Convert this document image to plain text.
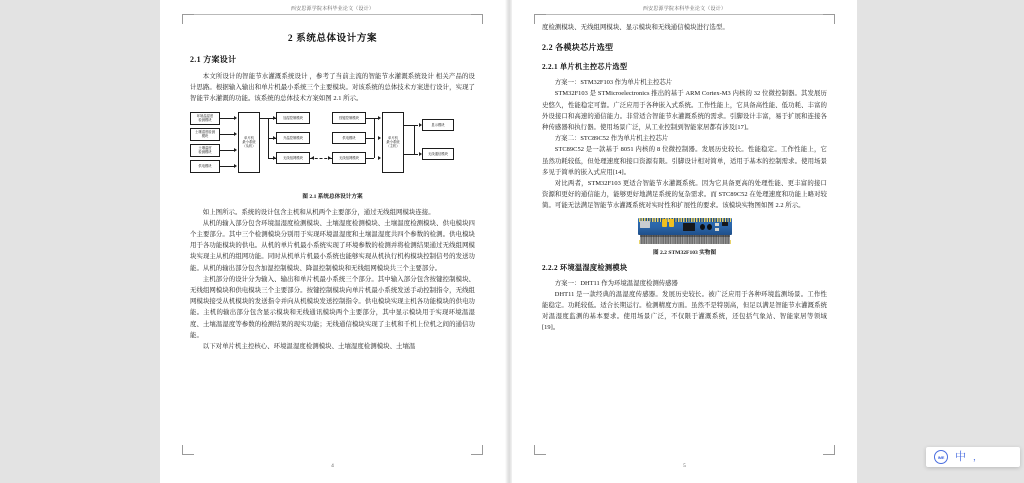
西安思源学院本科毕业论文（设计）
2 系统总体设计方案
2.1 方案设计

本文所设计的智能节水灌溉系统设计 ，参考了当前主流的智能节水灌溉系统设计 相关产品的设计思路。根据输入输出和单片机最小系统三个主要模块。对该系统的总体技术方案进行设计，实现了智能节水灌溉的功能。该系统的总体技术方案如图 2.1 所示。

环境温湿度
检测模块
土壤湿度检测
模块
土壤温度
检测模块
供电模块
单片机
最小系统
（从机）
加湿控制模块
升温控制模块
无线组网模块
按键控制模块
供电模块
无线组网模块
单片机
最小系统
（主机）
显示模块
无线通信模块
图 2.1 系统总体设计方案

如上图所示。系统的设计包含主机和从机两个主要部分，通过无线组网模块连接。

从机的输入部分包含环境温湿度检测模块、土壤湿度检测模块、土壤温度检测模块、供电模块四个主要部分。其中三个检测模块分别用于实现环境温湿度和土壤温湿度共四个参数的检测。供电模块用于各功能模块的供电。从机的单片机最小系统实现了环境参数的检测并将检测结果通过无线组网模块实现主从机的组网功能。同时从机单片机最小系统也能够实现从机执行机构模块控制信号的发送功能。从机的输出部分包含加湿控制模块、降温控制模块和无线组网模块共三个主要部分。

主机部分的设计分为输入、输出和单片机最小系统三个部分。其中输入部分包含按键控制模块、无线组网模块和供电模块三个主要部分。按键控制模块向单片机最小系统发送手动控制指令，无线组网模块接受从机模块的发送指令并向从机模块发送控制指令。供电模块实现主机各功能模块的供电功能。主机的输出部分包含显示模块和无线通讯模块两个主要部分，其中显示模块用于实现环境温湿度、土壤温湿度等参数的检测结果的现实功能；无线通信模块实现了主机和千机上位机之间的通信功能。

以下对单片机主控核心、环境温湿度检测模块、土壤湿度检测模块、土壤温

4
西安思源学院本科毕业论文（设计）

度检测模块、无线组网模块、显示模块和无线通信模块进行选型。

2.2 各模块芯片选型
2.2.1 单片机主控芯片选型

方案一：STM32F103 作为单片机主控芯片

STM32F103 是 STMicroelectronics 推出的基于 ARM Cortex-M3 内核的 32 位微控制器。其发展历史悠久，性能稳定可靠。广泛应用于各种嵌入式系统。工作性能上，它具备高性能、低功耗、丰富的外设接口和高速的通信能力。非常适合智能节水灌溉系统的需求。引脚设计丰富，易于扩展和连接各种传感器和执行器。使用场景广泛，从工业控制到智能家居都有涉及[17]。

方案二：STC89C52 作为单片机主控芯片

STC89C52 是一款基于 8051 内核的 8 位微控制器。发展历史较长。性能稳定。工作性能上，它虽然功耗较低，但处理速度和接口资源有限。引脚设计相对简单，适用于基本的控制需求。使用场景多见于简单的嵌入式应用[14]。

对比两者，STM32F103 更适合智能节水灌溉系统。因为它具备更高的处理性能、更丰富的接口资源和更好的通信能力，能够更好地满足系统的复杂需求。而 STC89C52 在处理速度和功能上略对较简。可能无法满足智能节水灌溉系统对实时性和扩展性的要求。该模块实物图如图 2.2 所示。

图 2.2 STM32F103 实物图
2.2.2 环境温湿度检测模块

方案一：DHT11 作为环境温湿度检测传感器

DHT11 是一款经典的温湿度传感器。发展历史较长。被广泛应用于各种环境监测场景。工作性能稳定。功耗较低。适合长期运行。检测精度方面。虽然不是特别高，但足以满足智能节水灌溉系统对温湿度监测的基本要求。使用场景广泛，不仅限于灌溉系统，还包括气象站、智能家居等领域[19]。

5
IME 中 ，
